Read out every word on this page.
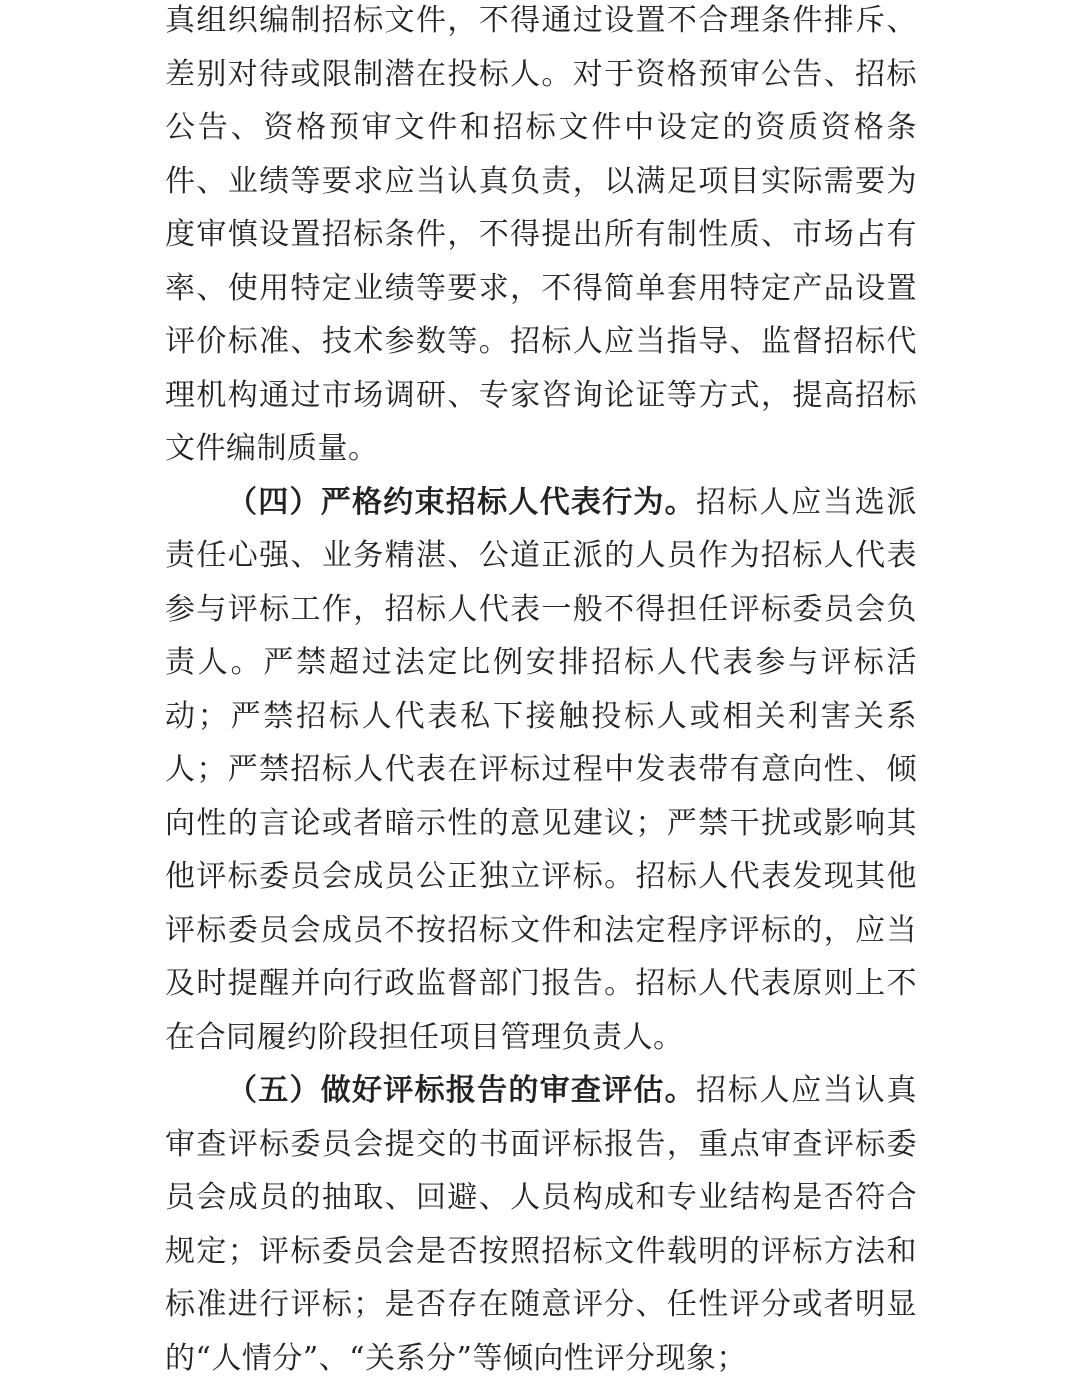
真组织编制招标文件，不得通过设置不合理条件排斥、差别对待或限制潜在投标人。对于资格预审公告、招标公告、资格预审文件和招标文件中设定的资质资格条件、业绩等要求应当认真负责，以满足项目实际需要为度审慎设置招标条件，不得提出所有制性质、市场占有率、使用特定业绩等要求，不得简单套用特定产品设置评价标准、技术参数等。招标人应当指导、监督招标代理机构通过市场调研、专家咨询论证等方式，提高招标文件编制质量。

（四）严格约束招标人代表行为。招标人应当选派责任心强、业务精湛、公道正派的人员作为招标人代表参与评标工作，招标人代表一般不得担任评标委员会负责人。严禁超过法定比例安排招标人代表参与评标活动；严禁招标人代表私下接触投标人或相关利害关系人；严禁招标人代表在评标过程中发表带有意向性、倾向性的言论或者暗示性的意见建议；严禁干扰或影响其他评标委员会成员公正独立评标。招标人代表发现其他评标委员会成员不按招标文件和法定程序评标的，应当及时提醒并向行政监督部门报告。招标人代表原则上不在合同履约阶段担任项目管理负责人。

（五）做好评标报告的审查评估。招标人应当认真审查评标委员会提交的书面评标报告，重点审查评标委员会成员的抽取、回避、人员构成和专业结构是否符合规定；评标委员会是否按照招标文件载明的评标方法和标准进行评标；是否存在随意评分、任性评分或者明显的“人情分”、“关系分”等倾向性评分现象；
